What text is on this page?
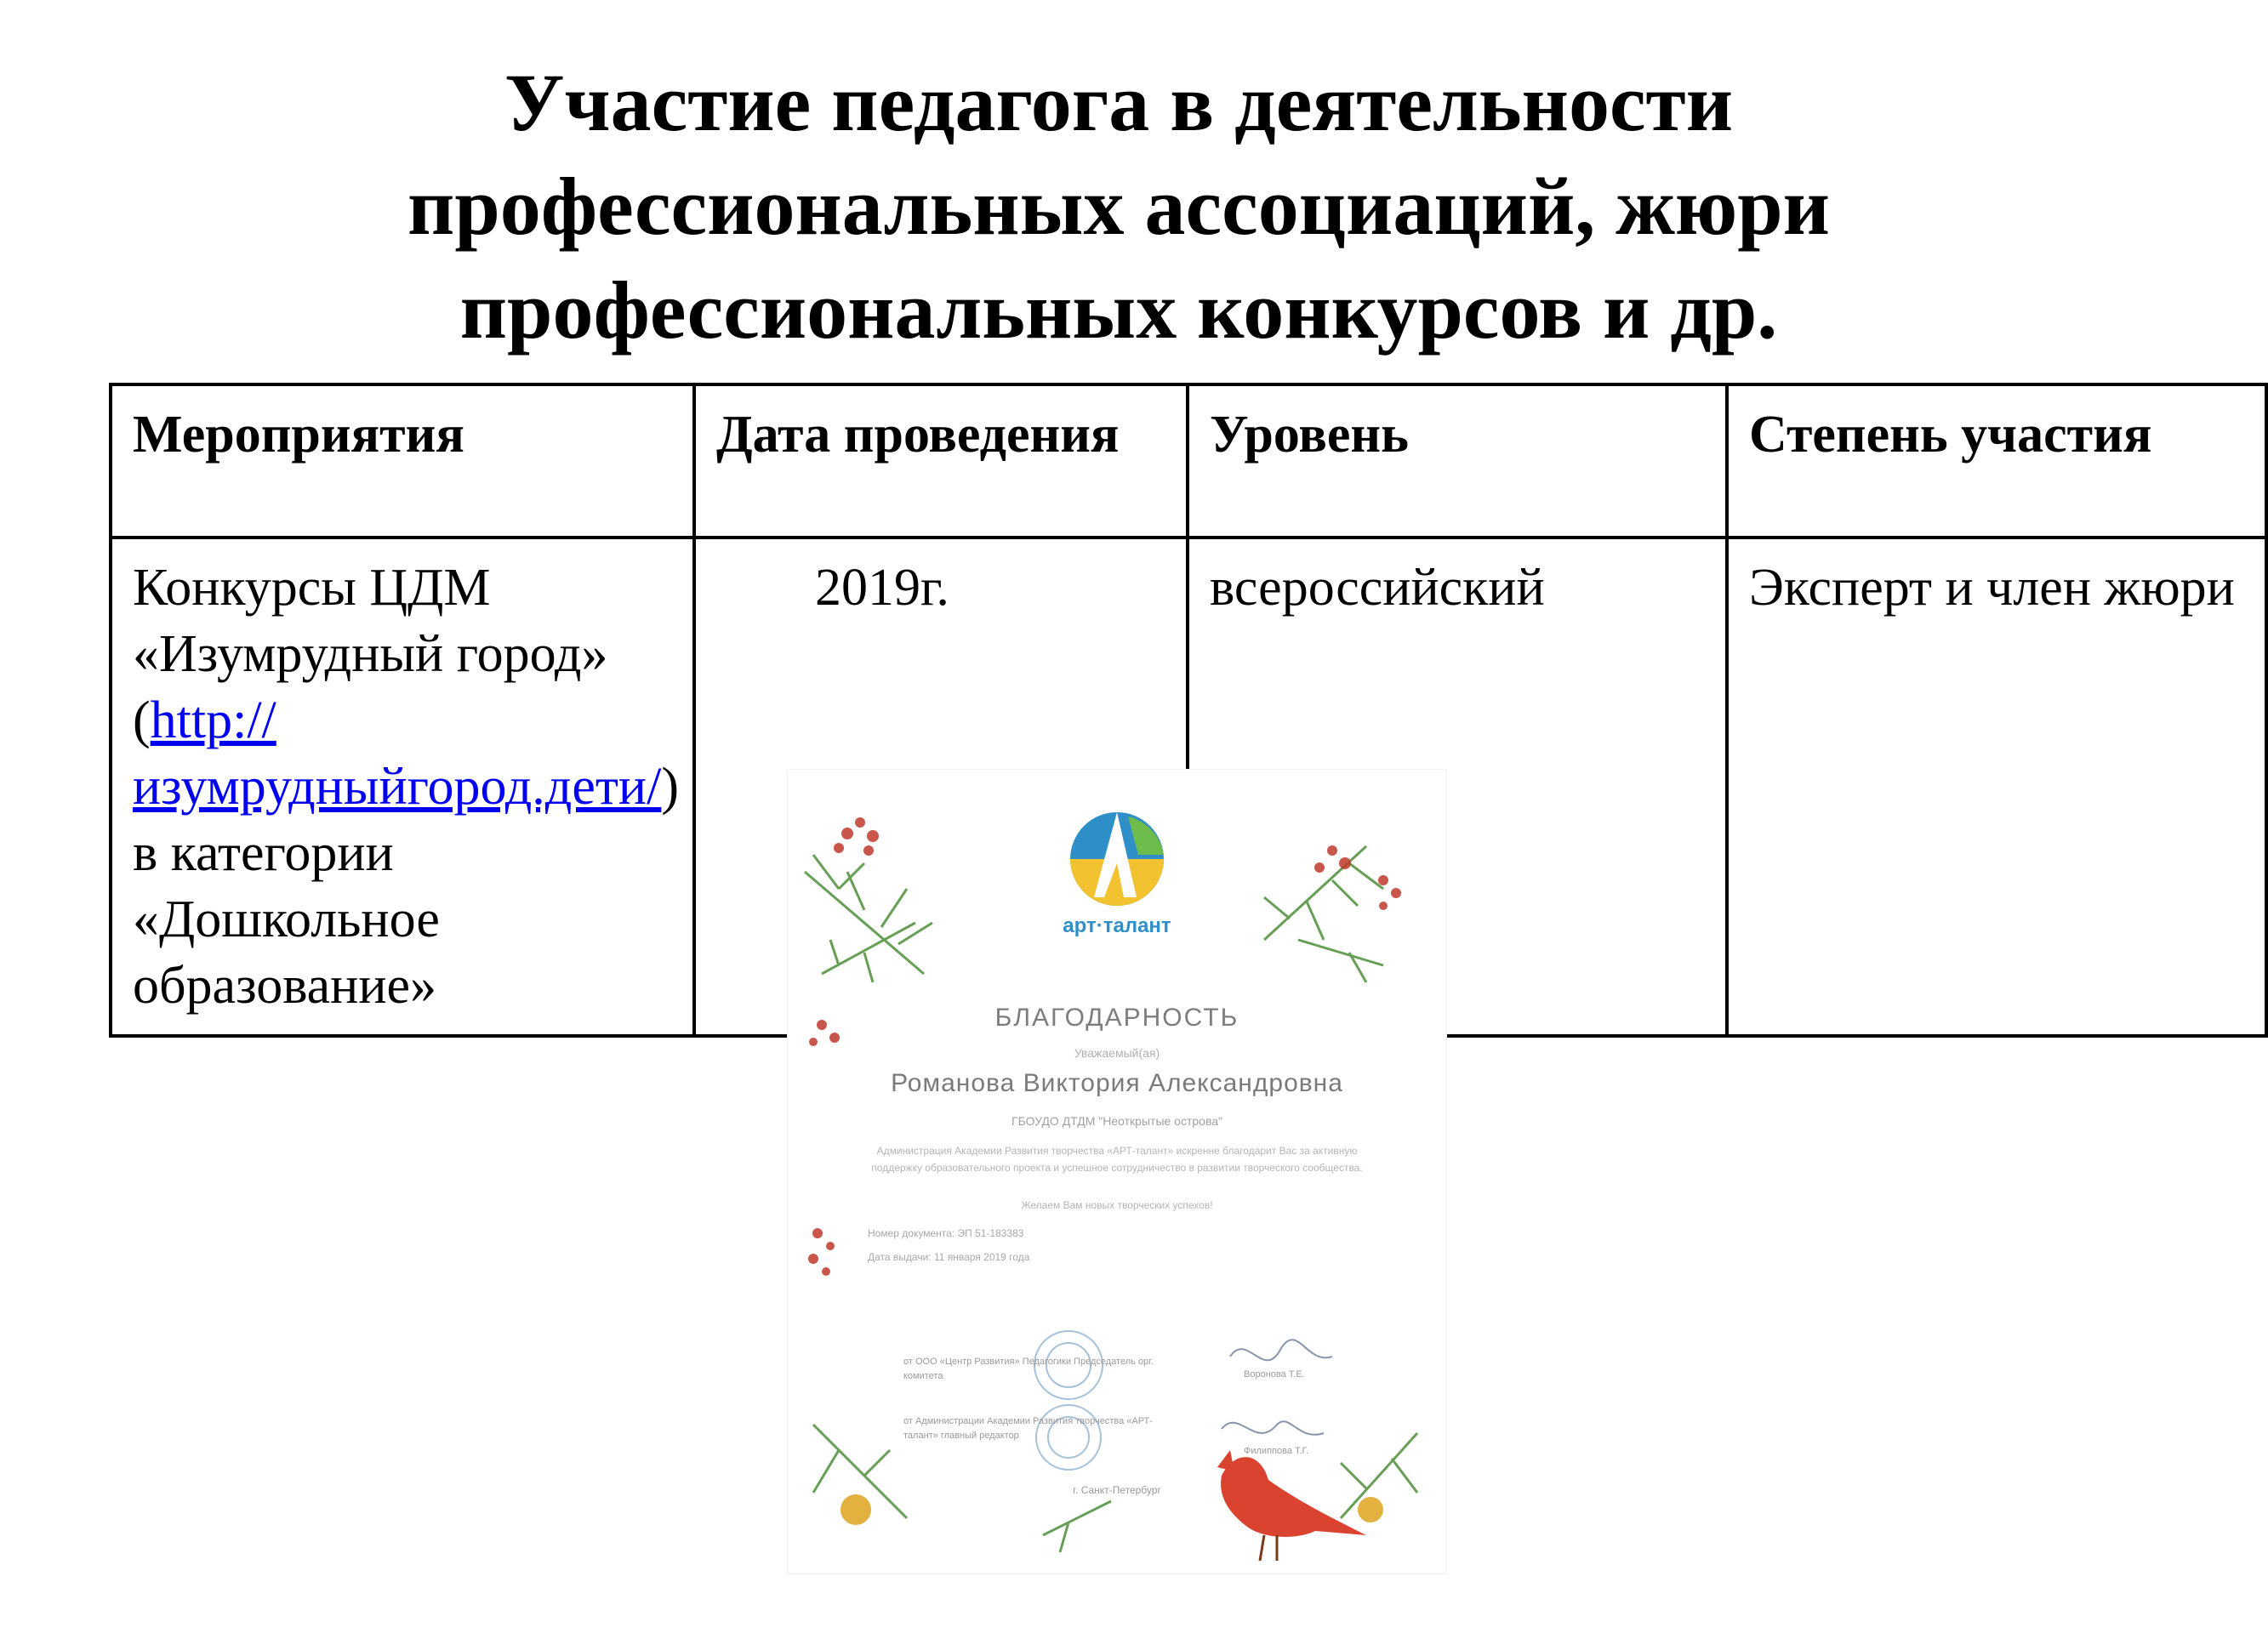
Участие педагога в деятельности
профессиональных ассоциаций, жюри
профессиональных конкурсов и др.
Мероприятия	Дата проведения	Уровень	Степень участия
Конкурсы ЦДМ «Изумрудный город» (http://изумрудныйгород.дети/) в категории «Дошкольное образование»	2019г.	всероссийский	Эксперт и член жюри
арт·талант
БЛАГОДАРНОСТЬ
Уважаемый(ая)
Романова Виктория Александровна
ГБОУДО ДТДМ "Неоткрытые острова"
Администрация Академии Развития творчества «АРТ-талант» искренне благодарит Вас за активную поддержку образовательного проекта и успешное сотрудничество в развитии творческого сообщества.
Желаем Вам новых творческих успехов!
Номер документа: ЭП 51-183383
Дата выдачи: 11 января 2019 года
от ООО «Центр Развития» Педагогики Председатель орг. комитета	Воронова Т.Е.
от Администрации Академии Развития творчества «АРТ-талант» главный редактор
Филиппова Т.Г.
г. Санкт-Петербург
